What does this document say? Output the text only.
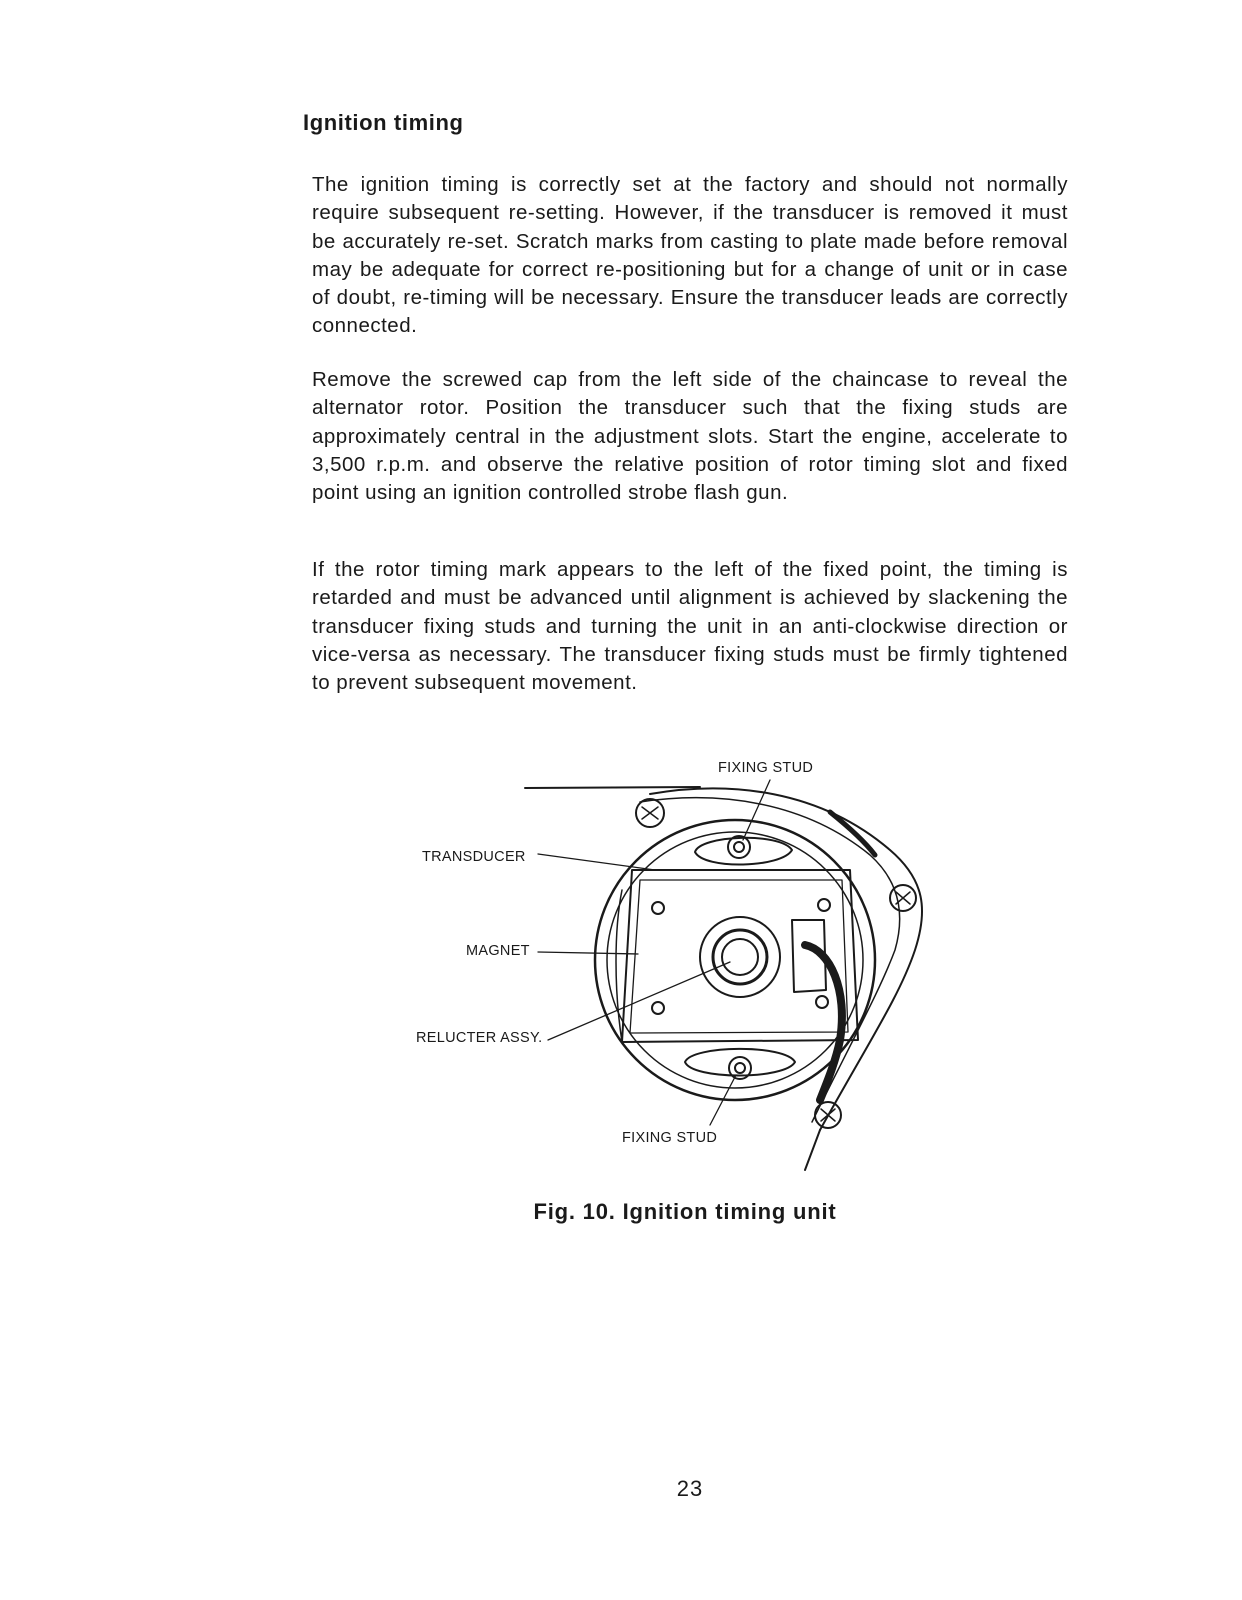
Ignition timing

The ignition timing is correctly set at the factory and should not normally require subsequent re-setting. However, if the transducer is removed it must be accurately re-set. Scratch marks from casting to plate made before removal may be adequate for correct re-positioning but for a change of unit or in case of doubt, re-timing will be necessary. Ensure the transducer leads are correctly connected.

Remove the screwed cap from the left side of the chaincase to reveal the alternator rotor. Position the transducer such that the fixing studs are approximately central in the adjustment slots. Start the engine, accelerate to 3,500 r.p.m. and observe the relative position of rotor timing slot and fixed point using an ignition controlled strobe flash gun.

If the rotor timing mark appears to the left of the fixed point, the timing is retarded and must be advanced until alignment is achieved by slackening the transducer fixing studs and turning the unit in an anti-clockwise direction or vice-versa as necessary. The transducer fixing studs must be firmly tightened to prevent subsequent movement.

FIXING STUD
TRANSDUCER
MAGNET
RELUCTER ASSY.
FIXING STUD

Fig. 10. Ignition timing unit

23
